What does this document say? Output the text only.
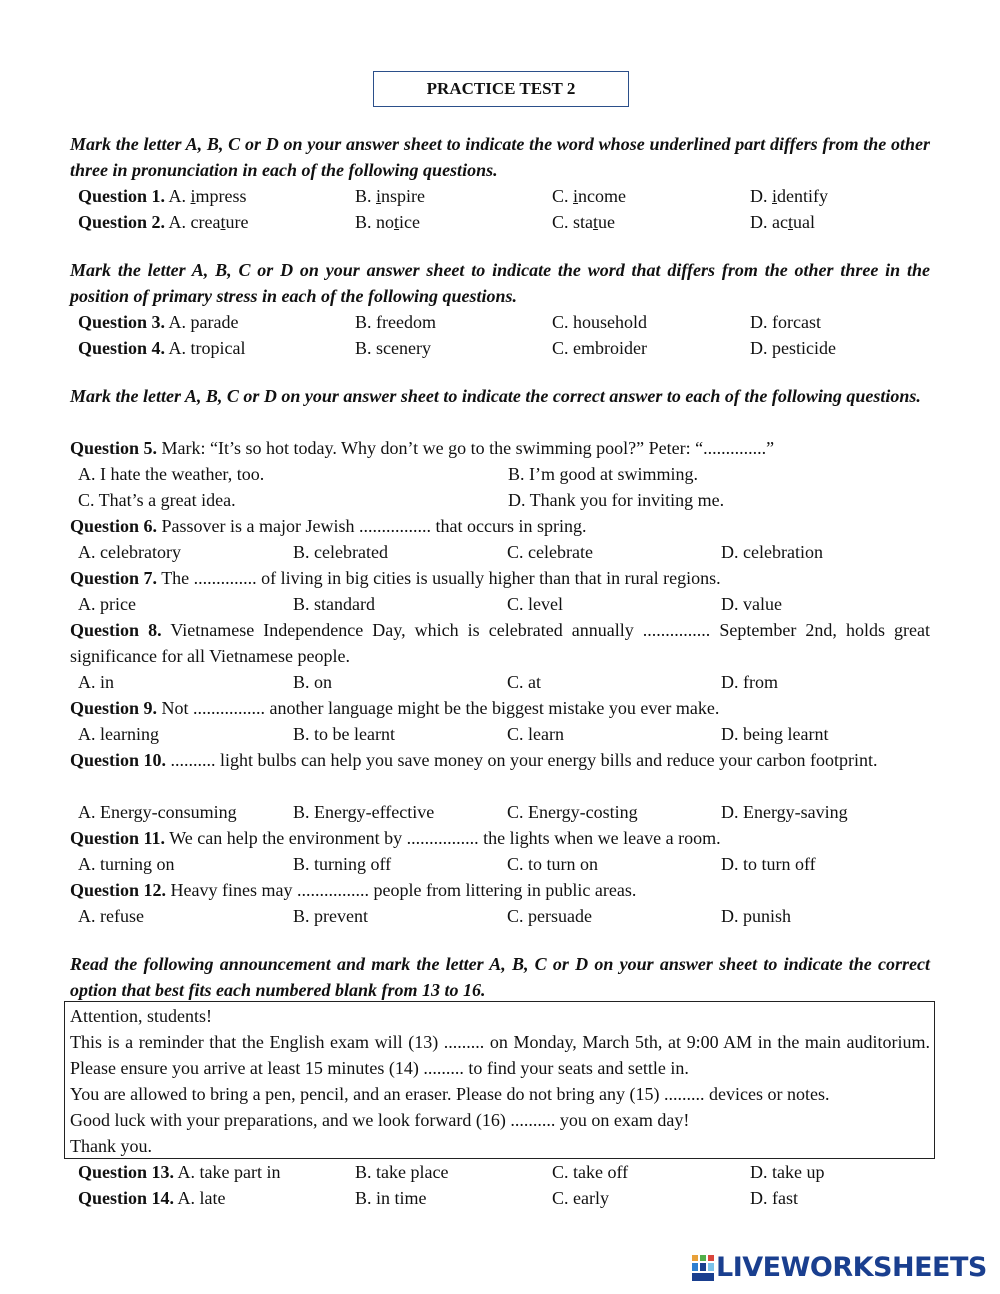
PRACTICE TEST 2
Mark the letter A, B, C or D on your answer sheet to indicate the word whose underlined part differs from the other three in pronunciation in each of the following questions.
Question 1. A. impress	B. inspire	C. income	D. identify
Question 2. A. creature	B. notice	C. statue	D. actual
Mark the letter A, B, C or D on your answer sheet to indicate the word that differs from the other three in the position of primary stress in each of the following questions.
Question 3. A. parade	B. freedom	C. household	D. forcast
Question 4. A. tropical	B. scenery	C. embroider	D. pesticide
Mark the letter A, B, C or D on your answer sheet to indicate the correct answer to each of the following questions.
Question 5. Mark: “It’s so hot today. Why don’t we go to the swimming pool?” Peter: “..............”
A. I hate the weather, too.	B. I’m good at swimming.
C. That’s a great idea.	D. Thank you for inviting me.
Question 6. Passover is a major Jewish ................ that occurs in spring.
A. celebratory	B. celebrated	C. celebrate	D. celebration
Question 7. The .............. of living in big cities is usually higher than that in rural regions.
A. price	B. standard	C. level	D. value
Question 8. Vietnamese Independence Day, which is celebrated annually ............... September 2nd, holds great significance for all Vietnamese people.
A. in	B. on	C. at	D. from
Question 9. Not ................ another language might be the biggest mistake you ever make.
A. learning	B. to be learnt	C. learn	D. being learnt
Question 10. .......... light bulbs can help you save money on your energy bills and reduce your carbon footprint.
A. Energy-consuming	B. Energy-effective	C. Energy-costing	D. Energy-saving
Question 11. We can help the environment by ................ the lights when we leave a room.
A. turning on	B. turning off	C. to turn on	D. to turn off
Question 12. Heavy fines may ................ people from littering in public areas.
A. refuse	B. prevent	C. persuade	D. punish
Read the following announcement and mark the letter A, B, C or D on your answer sheet to indicate the correct option that best fits each numbered blank from 13 to 16.
Attention, students!
This is a reminder that the English exam will (13) ......... on Monday, March 5th, at 9:00 AM in the main auditorium. Please ensure you arrive at least 15 minutes (14) ......... to find your seats and settle in.
You are allowed to bring a pen, pencil, and an eraser. Please do not bring any (15) ......... devices or notes.
Good luck with your preparations, and we look forward (16) .......... you on exam day!
Thank you.
Question 13. A. take part in	B. take place	C. take off	D. take up
Question 14. A. late	B. in time	C. early	D. fast
LIVEWORKSHEETS
